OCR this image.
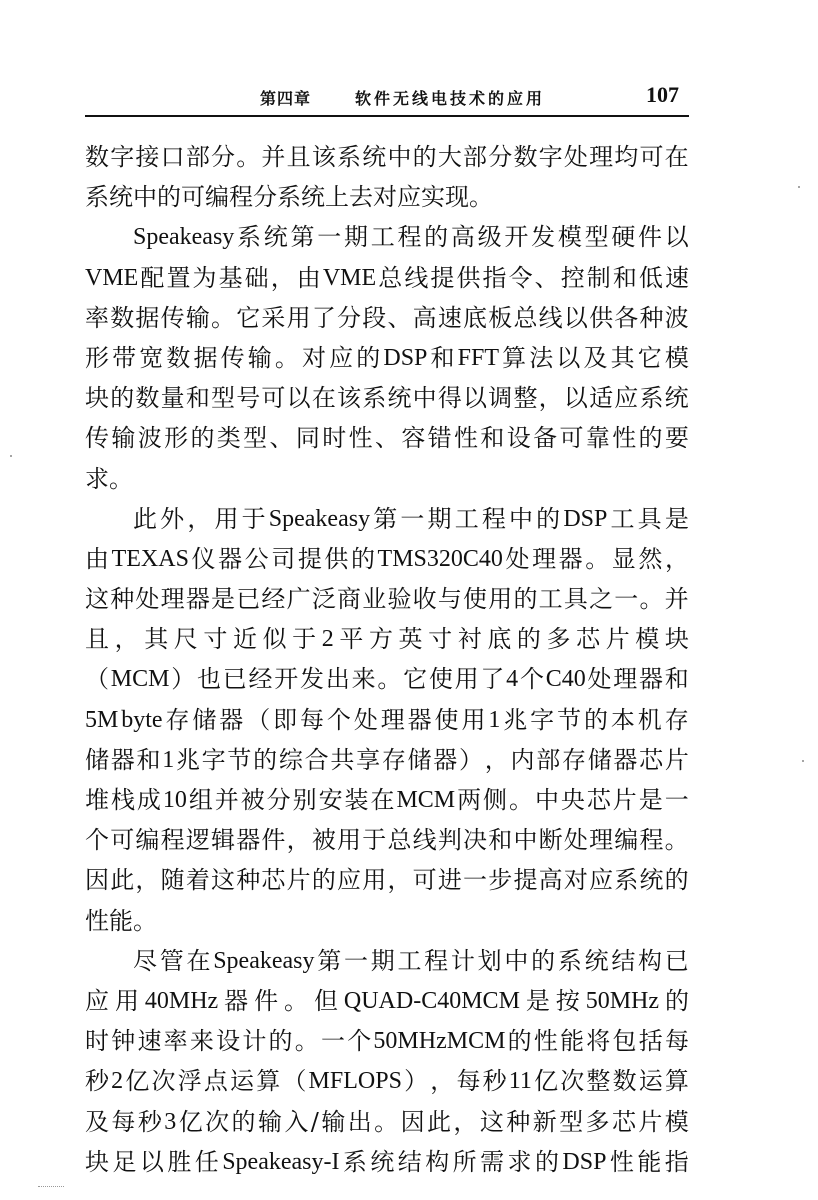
第四章	软件无线电技术的应用	107
数 字 接 口 部 分 。 并 且 该 系 统 中 的 大 部 分 数 字 处 理 均 可 在
系 统 中 的 可 编 程 分 系 统 上 去 对 应 实 现 。
Speakeasy 系 统 第 一 期 工 程 的 高 级 开 发 模 型 硬 件 以
VME 配 置 为 基 础 ， 由 VME 总 线 提 供 指 令 、 控 制 和 低 速
率 数 据 传 输 。 它 采 用 了 分 段 、 高 速 底 板 总 线 以 供 各 种 波
形 带 宽 数 据 传 输 。 对 应 的 DSP 和 FFT 算 法 以 及 其 它 模
块 的 数 量 和 型 号 可 以 在 该 系 统 中 得 以 调 整 ， 以 适 应 系 统
传 输 波 形 的 类 型 、 同 时 性 、 容 错 性 和 设 备 可 靠 性 的 要
求 。
此 外 ， 用 于 Speakeasy 第 一 期 工 程 中 的 DSP 工 具 是
由 TEXAS 仪 器 公 司 提 供 的 TMS320C40 处 理 器 。 显 然 ，
这 种 处 理 器 是 已 经 广 泛 商 业 验 收 与 使 用 的 工 具 之 一 。 并
且 ， 其 尺 寸 近 似 于 2 平 方 英 寸 衬 底 的 多 芯 片 模 块
（ MCM ） 也 已 经 开 发 出 来 。 它 使 用 了 4 个 C40 处 理 器 和
5M byte 存 储 器 （ 即 每 个 处 理 器 使 用 1 兆 字 节 的 本 机 存
储 器 和 1 兆 字 节 的 综 合 共 享 存 储 器 ） ， 内 部 存 储 器 芯 片
堆 栈 成 10 组 并 被 分 别 安 装 在 MCM 两 侧 。 中 央 芯 片 是 一
个 可 编 程 逻 辑 器 件 ， 被 用 于 总 线 判 决 和 中 断 处 理 编 程 。
因 此 ， 随 着 这 种 芯 片 的 应 用 ， 可 进 一 步 提 高 对 应 系 统 的
性 能 。
尽 管 在 Speakeasy 第 一 期 工 程 计 划 中 的 系 统 结 构 已
应 用 40MHz 器 件 。 但 QUAD-C40MCM 是 按 50MHz 的
时 钟 速 率 来 设 计 的 。 一 个 50MHzMCM 的 性 能 将 包 括 每
秒 2 亿 次 浮 点 运 算 （ MFLOPS ） ， 每 秒 11 亿 次 整 数 运 算
及 每 秒 3 亿 次 的 输 入 / 输 出 。 因 此 ， 这 种 新 型 多 芯 片 模
块 足 以 胜 任 Speakeasy-I 系 统 结 构 所 需 求 的 DSP 性 能 指
